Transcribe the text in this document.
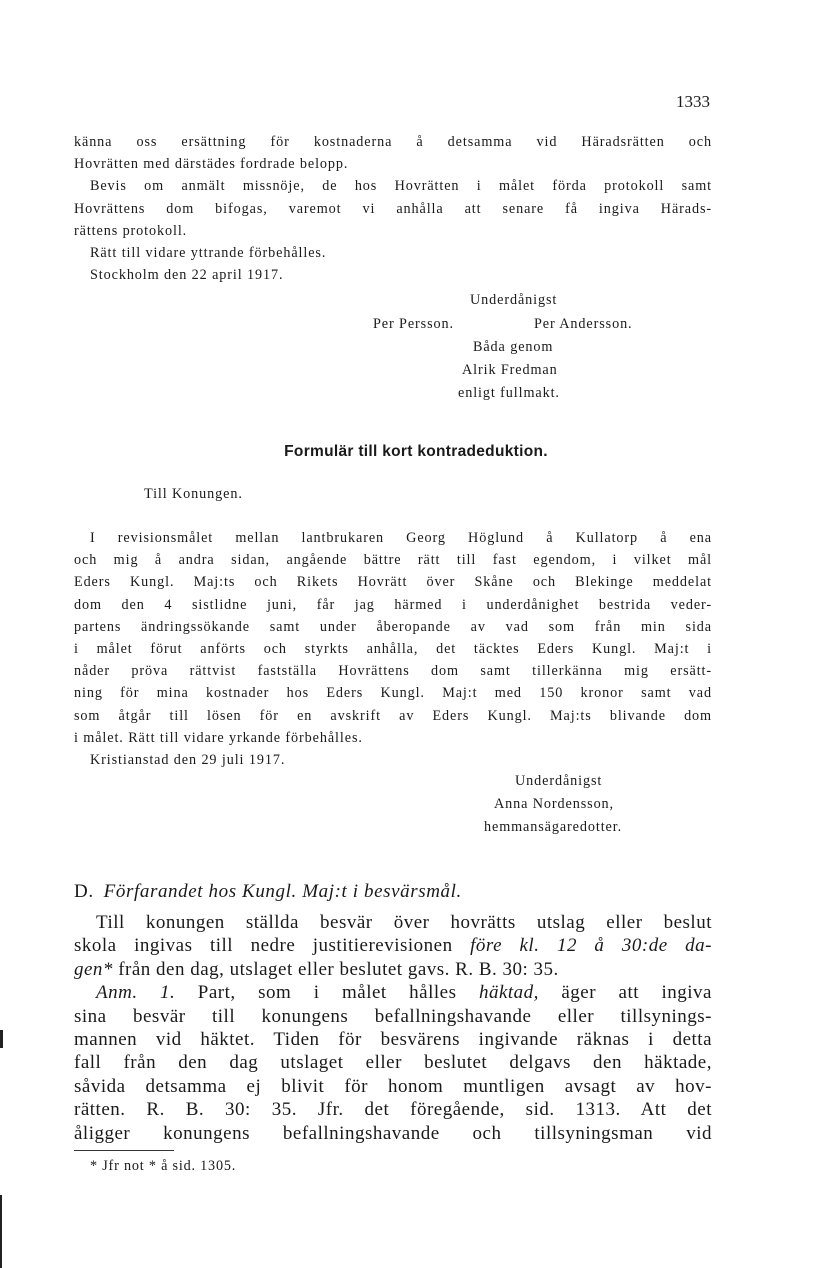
1333
känna oss ersättning för kostnaderna å detsamma vid Häradsrätten och
Hovrätten med därstädes fordrade belopp.
Bevis om anmält missnöje, de hos Hovrätten i målet förda protokoll samt
Hovrättens dom bifogas, varemot vi anhålla att senare få ingiva Härads-
rättens protokoll.
Rätt till vidare yttrande förbehålles.
Stockholm den 22 april 1917.
Underdånigst
Per Persson.	Per Andersson.
Båda genom
Alrik Fredman
enligt fullmakt.
Formulär till kort kontradeduktion.
Till Konungen.
I revisionsmålet mellan lantbrukaren Georg Höglund å Kullatorp å ena
och mig å andra sidan, angående bättre rätt till fast egendom, i vilket mål
Eders Kungl. Maj:ts och Rikets Hovrätt över Skåne och Blekinge meddelat
dom den 4 sistlidne juni, får jag härmed i underdånighet bestrida veder-
partens ändringssökande samt under åberopande av vad som från min sida
i målet förut anförts och styrkts anhålla, det täcktes Eders Kungl. Maj:t i
nåder pröva rättvist fastställa Hovrättens dom samt tillerkänna mig ersätt-
ning för mina kostnader hos Eders Kungl. Maj:t med 150 kronor samt vad
som åtgår till lösen för en avskrift av Eders Kungl. Maj:ts blivande dom
i målet. Rätt till vidare yrkande förbehålles.
Kristianstad den 29 juli 1917.
Underdånigst
Anna Nordensson,
hemmansägaredotter.
D. Förfarandet hos Kungl. Maj:t i besvärsmål.
Till konungen ställda besvär över hovrätts utslag eller beslut
skola ingivas till nedre justitierevisionen före kl. 12 å 30:de da-
gen* från den dag, utslaget eller beslutet gavs. R. B. 30: 35.
Anm. 1. Part, som i målet hålles häktad, äger att ingiva
sina besvär till konungens befallningshavande eller tillsynings-
mannen vid häktet. Tiden för besvärens ingivande räknas i detta
fall från den dag utslaget eller beslutet delgavs den häktade,
såvida detsamma ej blivit för honom muntligen avsagt av hov-
rätten. R. B. 30: 35. Jfr. det föregående, sid. 1313. Att det
åligger konungens befallningshavande och tillsyningsman vid
* Jfr not * å sid. 1305.
